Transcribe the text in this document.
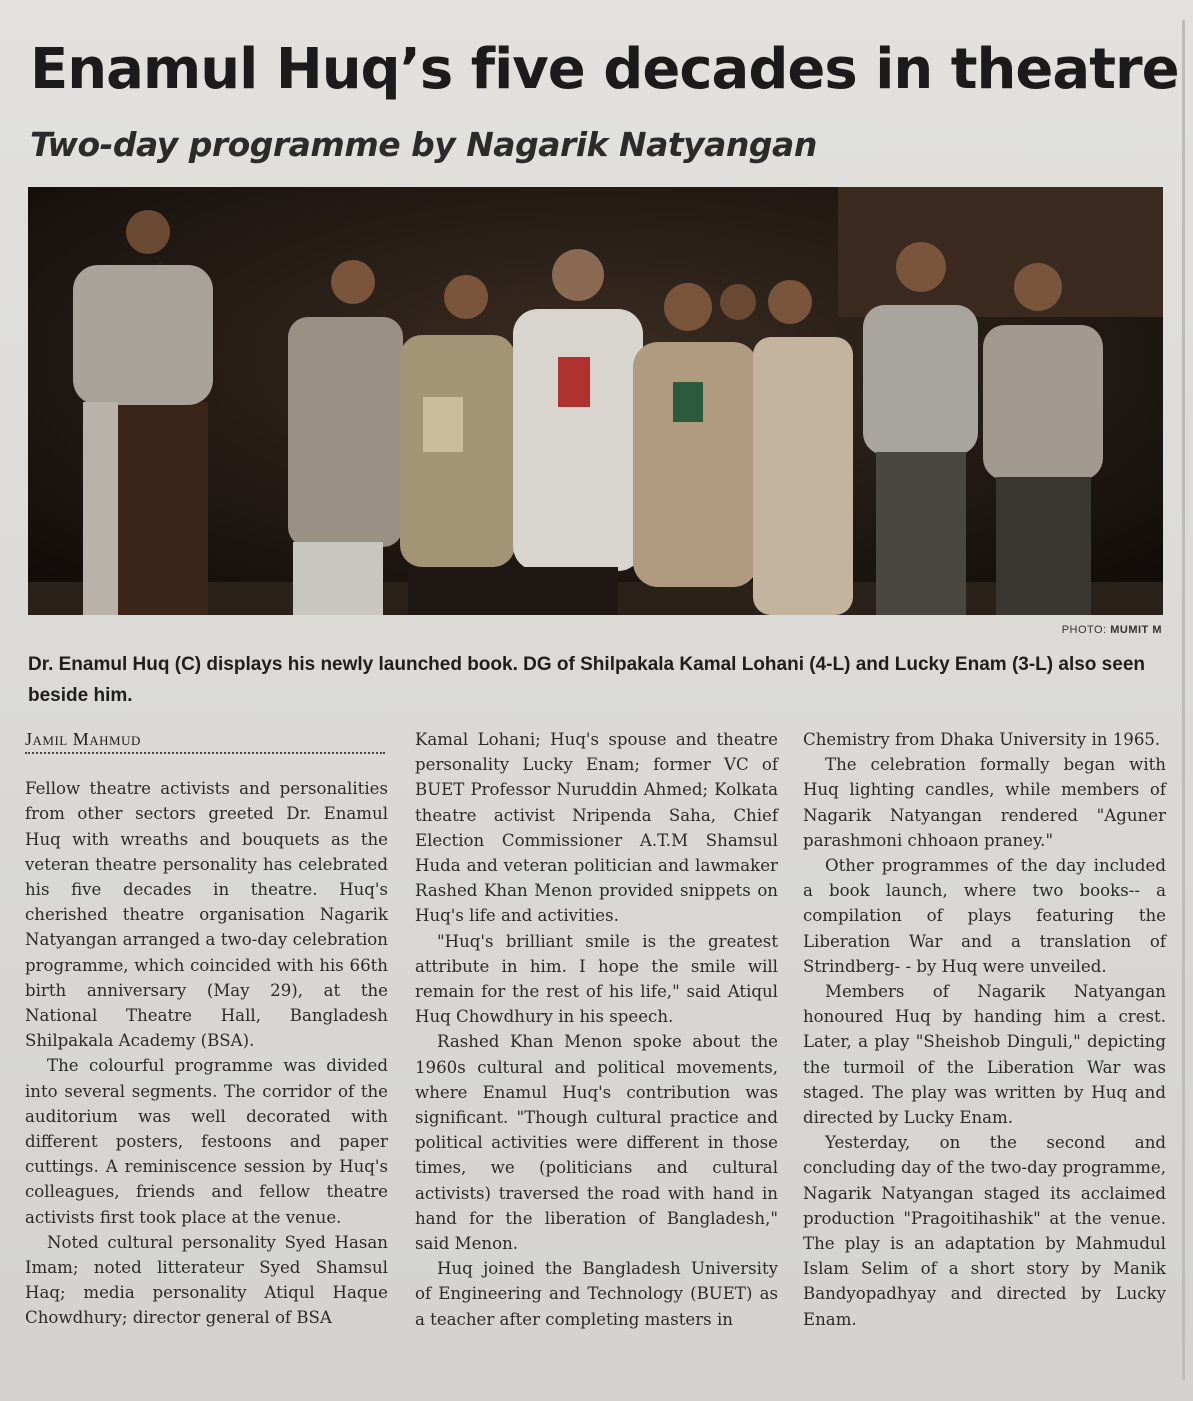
Enamul Huq’s five decades in theatre
Two-day programme by Nagarik Natyangan
PHOTO: MUMIT M

Dr. Enamul Huq (C) displays his newly launched book. DG of Shilpakala Kamal Lohani (4-L) and Lucky Enam (3-L) also seen beside him.

Jamil Mahmud

Fellow theatre activists and personalities from other sectors greeted Dr. Enamul Huq with wreaths and bouquets as the veteran theatre personality has celebrated his five decades in theatre. Huq's cherished theatre organisation Nagarik Natyangan arranged a two-day celebration programme, which coincided with his 66th birth anniversary (May 29), at the National Theatre Hall, Bangladesh Shilpakala Academy (BSA).

The colourful programme was divided into several segments. The corridor of the auditorium was well decorated with different posters, festoons and paper cuttings. A reminiscence session by Huq's colleagues, friends and fellow theatre activists first took place at the venue.

Noted cultural personality Syed Hasan Imam; noted litterateur Syed Shamsul Haq; media personality Atiqul Haque Chowdhury; director general of BSA

Kamal Lohani; Huq's spouse and theatre personality Lucky Enam; former VC of BUET Professor Nuruddin Ahmed; Kolkata theatre activist Nripenda Saha, Chief Election Commissioner A.T.M Shamsul Huda and veteran politician and lawmaker Rashed Khan Menon provided snippets on Huq's life and activities.

"Huq's brilliant smile is the greatest attribute in him. I hope the smile will remain for the rest of his life," said Atiqul Huq Chowdhury in his speech.

Rashed Khan Menon spoke about the 1960s cultural and political movements, where Enamul Huq's contribution was significant. "Though cultural practice and political activities were different in those times, we (politicians and cultural activists) traversed the road with hand in hand for the liberation of Bangladesh," said Menon.

Huq joined the Bangladesh University of Engineering and Technology (BUET) as a teacher after completing masters in

Chemistry from Dhaka University in 1965.

The celebration formally began with Huq lighting candles, while members of Nagarik Natyangan rendered "Aguner parashmoni chhoaon praney."

Other programmes of the day included a book launch, where two books-- a compilation of plays featuring the Liberation War and a translation of Strindberg- - by Huq were unveiled.

Members of Nagarik Natyangan honoured Huq by handing him a crest. Later, a play "Sheishob Dinguli," depicting the turmoil of the Liberation War was staged. The play was written by Huq and directed by Lucky Enam.

Yesterday, on the second and concluding day of the two-day programme, Nagarik Natyangan staged its acclaimed production "Pragoitihashik" at the venue. The play is an adaptation by Mahmudul Islam Selim of a short story by Manik Bandyopadhyay and directed by Lucky Enam.
